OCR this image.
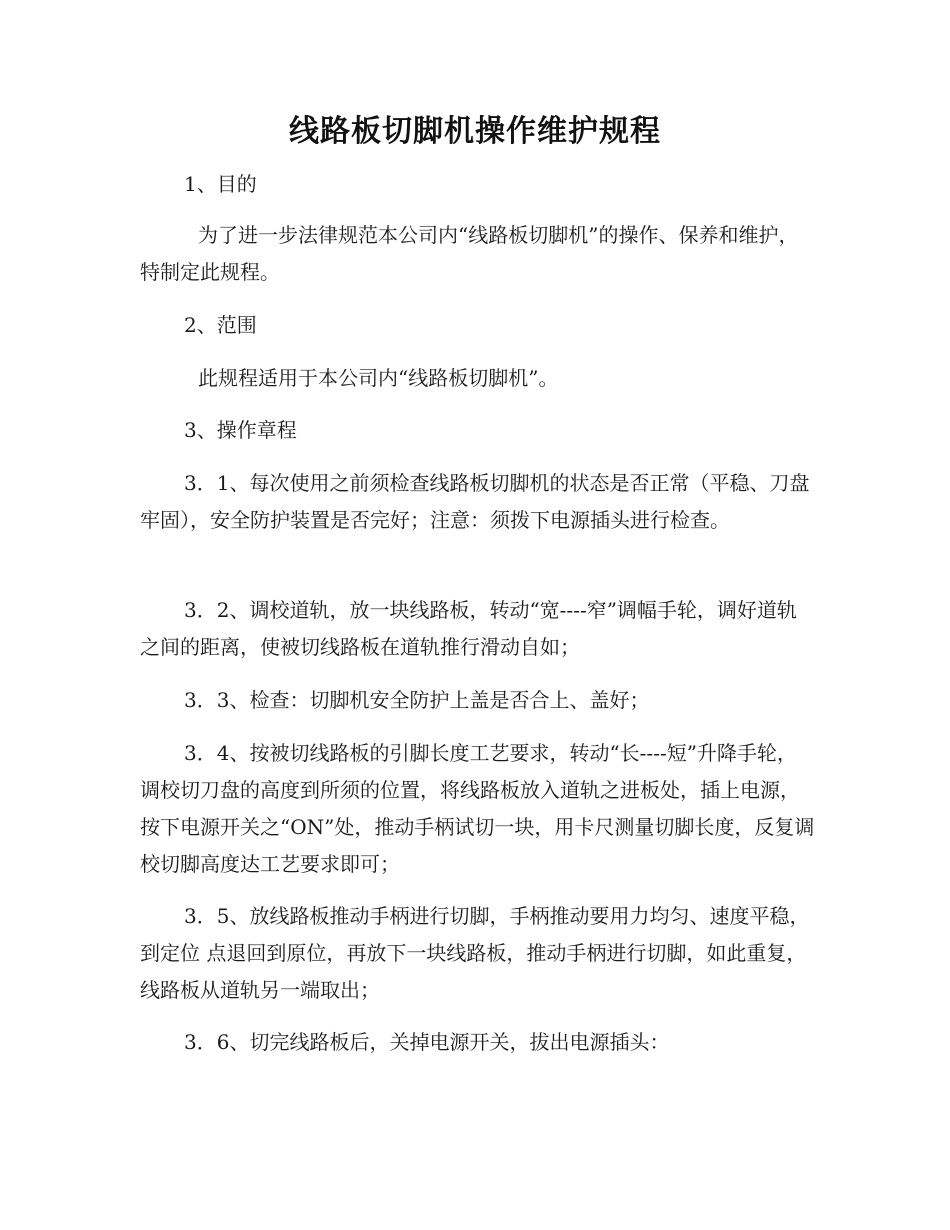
线路板切脚机操作维护规程

1、目的

为了进一步法律规范本公司内“线路板切脚机”的操作、保养和维护，特制定此规程。

2、范围

此规程适用于本公司内“线路板切脚机”。

3、操作章程

3．1、每次使用之前须检查线路板切脚机的状态是否正常（平稳、刀盘牢固），安全防护装置是否完好；注意：须拨下电源插头进行检查。

3．2、调校道轨，放一块线路板，转动“宽----窄”调幅手轮，调好道轨之间的距离，使被切线路板在道轨推行滑动自如；

3．3、检查：切脚机安全防护上盖是否合上、盖好；

3．4、按被切线路板的引脚长度工艺要求，转动“长----短”升降手轮，调校切刀盘的高度到所须的位置，将线路板放入道轨之进板处，插上电源，按下电源开关之“ON”处，推动手柄试切一块，用卡尺测量切脚长度，反复调校切脚高度达工艺要求即可；

3．5、放线路板推动手柄进行切脚，手柄推动要用力均匀、速度平稳，到定位 点退回到原位，再放下一块线路板，推动手柄进行切脚，如此重复，线路板从道轨另一端取出；

3．6、切完线路板后，关掉电源开关，拔出电源插头：
